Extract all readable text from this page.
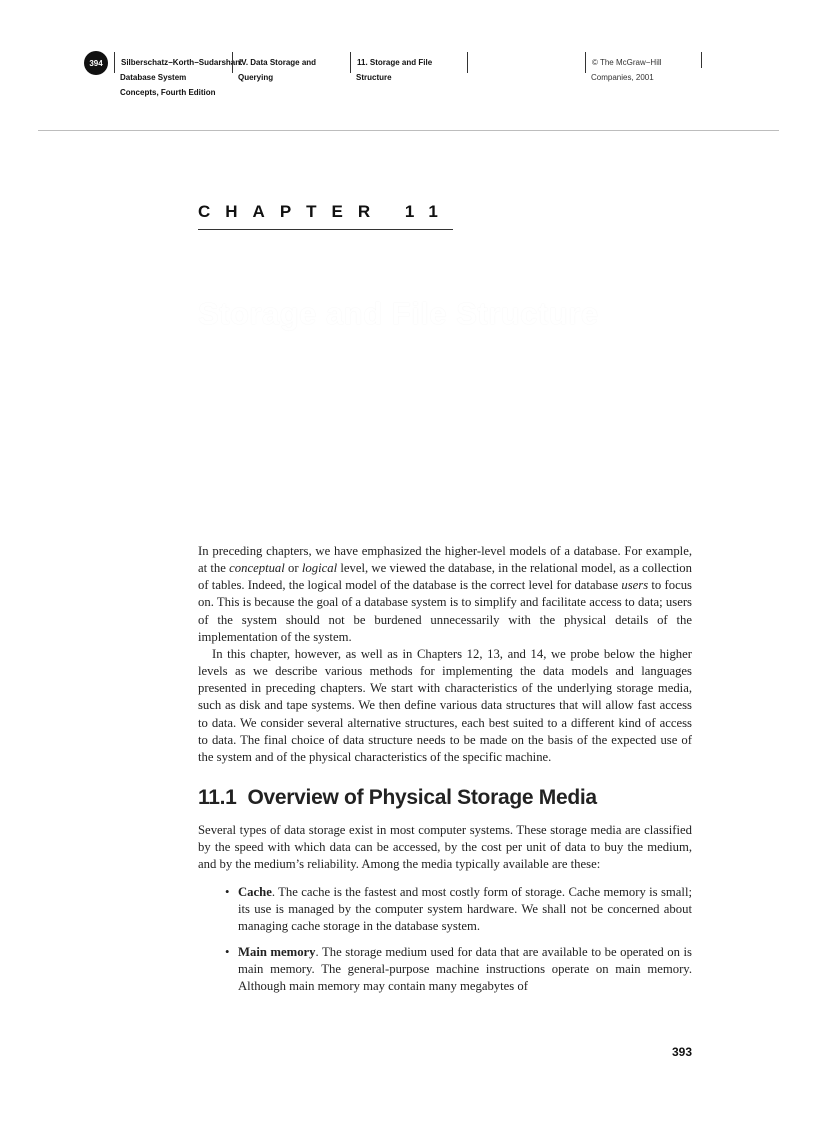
394 Silberschatz−Korth−Sudarshan:
Database System
Concepts, Fourth Edition
IV. Data Storage and
Querying
11. Storage and File
Structure
© The McGraw−Hill
Companies, 2001
CHAPTER 11
Storage and File Structure

In preceding chapters, we have emphasized the higher-level models of a database. For example, at the conceptual or logical level, we viewed the database, in the relational model, as a collection of tables. Indeed, the logical model of the database is the correct level for database users to focus on. This is because the goal of a database system is to simplify and facilitate access to data; users of the system should not be burdened unnecessarily with the physical details of the implementation of the system.

In this chapter, however, as well as in Chapters 12, 13, and 14, we probe below the higher levels as we describe various methods for implementing the data models and languages presented in preceding chapters. We start with characteristics of the underlying storage media, such as disk and tape systems. We then define various data structures that will allow fast access to data. We consider several alternative structures, each best suited to a different kind of access to data. The final choice of data structure needs to be made on the basis of the expected use of the system and of the physical characteristics of the specific machine.

11.1 Overview of Physical Storage Media

Several types of data storage exist in most computer systems. These storage media are classified by the speed with which data can be accessed, by the cost per unit of data to buy the medium, and by the medium’s reliability. Among the media typically available are these:

• Cache. The cache is the fastest and most costly form of storage. Cache memory is small; its use is managed by the computer system hardware. We shall not be concerned about managing cache storage in the database system.
• Main memory. The storage medium used for data that are available to be operated on is main memory. The general-purpose machine instructions operate on main memory. Although main memory may contain many megabytes of
393
